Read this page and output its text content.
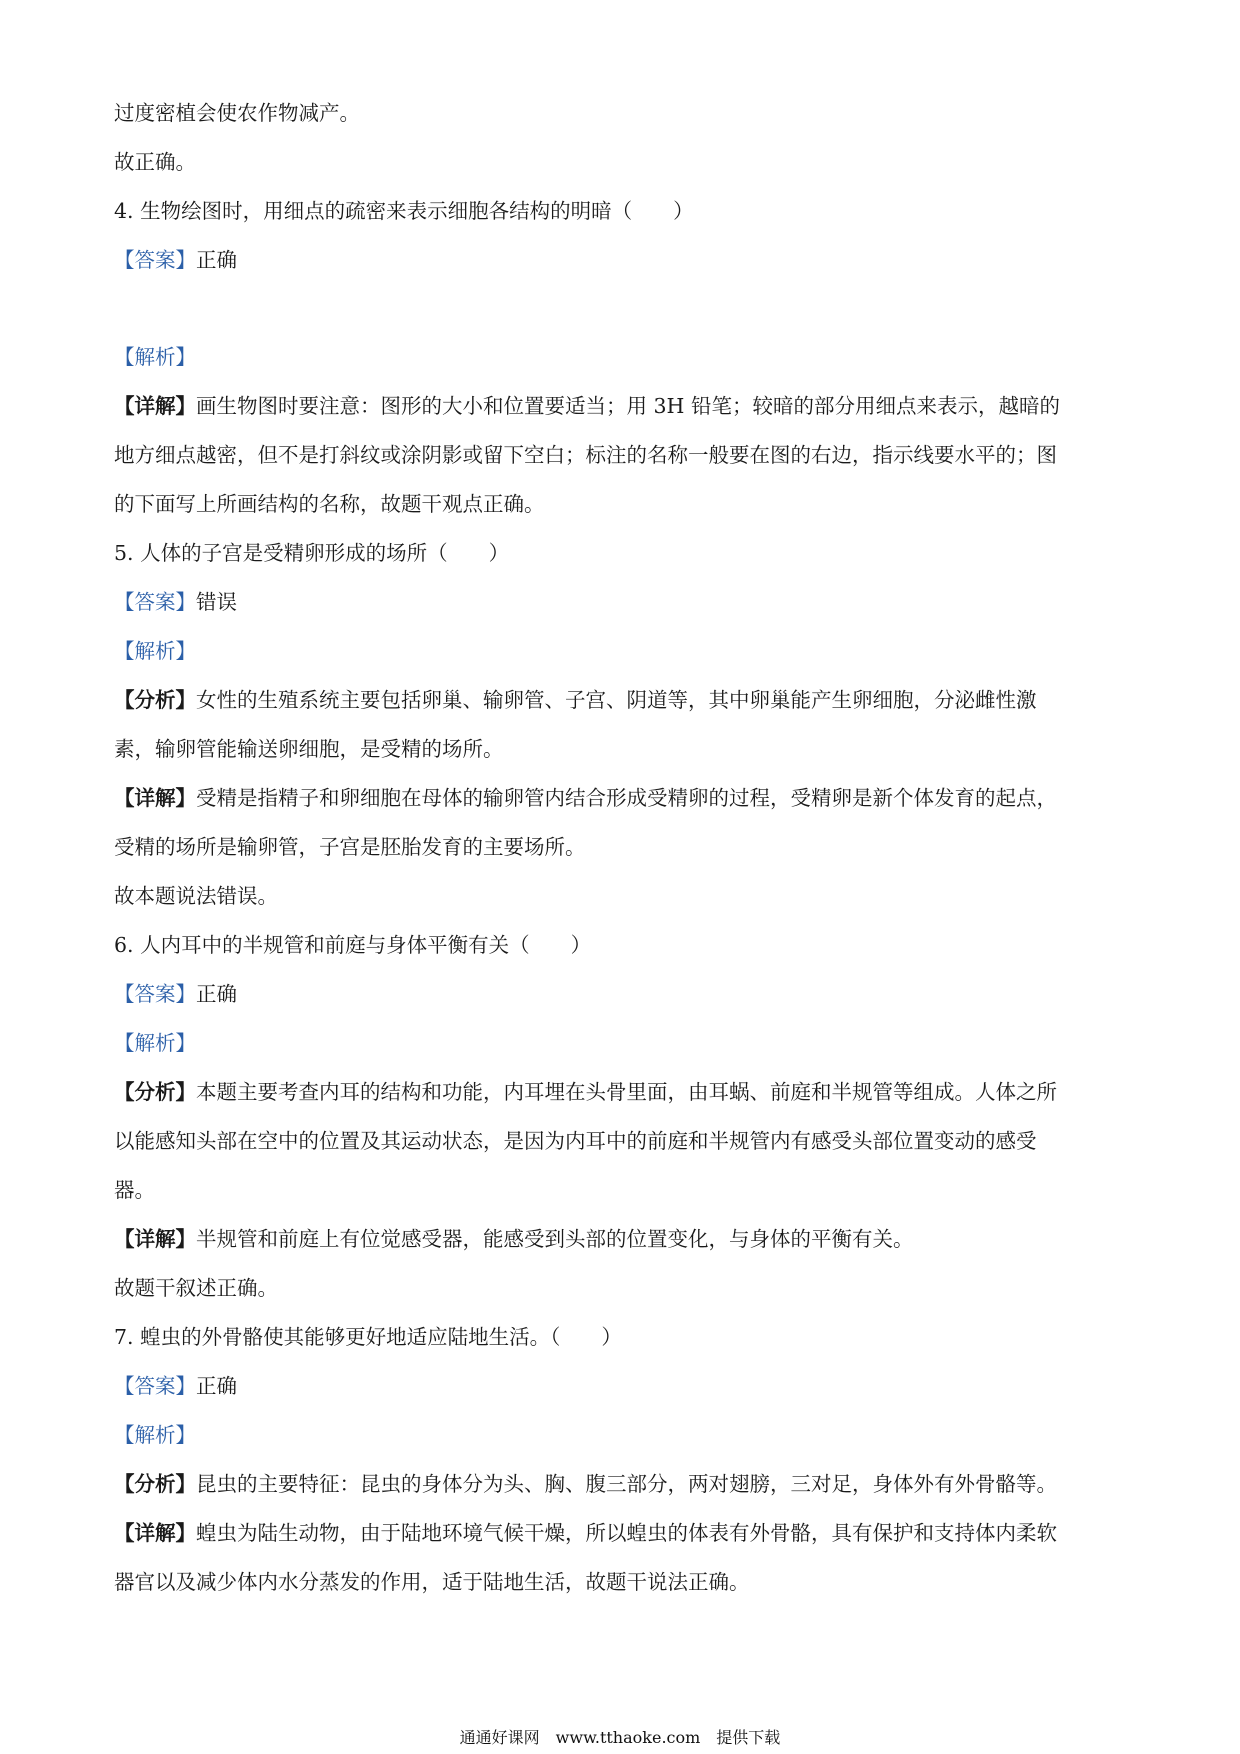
过度密植会使农作物减产。

故正确。

4. 生物绘图时，用细点的疏密来表示细胞各结构的明暗（　　）

【答案】正确

【解析】

【详解】画生物图时要注意：图形的大小和位置要适当；用 3H 铅笔；较暗的部分用细点来表示，越暗的

地方细点越密，但不是打斜纹或涂阴影或留下空白；标注的名称一般要在图的右边，指示线要水平的；图

的下面写上所画结构的名称，故题干观点正确。

5. 人体的子宫是受精卵形成的场所（　　）

【答案】错误

【解析】

【分析】女性的生殖系统主要包括卵巢、输卵管、子宫、阴道等，其中卵巢能产生卵细胞，分泌雌性激

素，输卵管能输送卵细胞，是受精的场所。

【详解】受精是指精子和卵细胞在母体的输卵管内结合形成受精卵的过程，受精卵是新个体发育的起点，

受精的场所是输卵管，子宫是胚胎发育的主要场所。

故本题说法错误。

6. 人内耳中的半规管和前庭与身体平衡有关（　　）

【答案】正确

【解析】

【分析】本题主要考查内耳的结构和功能，内耳埋在头骨里面，由耳蜗、前庭和半规管等组成。人体之所

以能感知头部在空中的位置及其运动状态，是因为内耳中的前庭和半规管内有感受头部位置变动的感受

器。

【详解】半规管和前庭上有位觉感受器，能感受到头部的位置变化，与身体的平衡有关。

故题干叙述正确。

7. 蝗虫的外骨骼使其能够更好地适应陆地生活。（　　）

【答案】正确

【解析】

【分析】昆虫的主要特征：昆虫的身体分为头、胸、腹三部分，两对翅膀，三对足，身体外有外骨骼等。

【详解】蝗虫为陆生动物，由于陆地环境气候干燥，所以蝗虫的体表有外骨骼，具有保护和支持体内柔软

器官以及减少体内水分蒸发的作用，适于陆地生活，故题干说法正确。

通通好课网　www.tthaoke.com　提供下载
